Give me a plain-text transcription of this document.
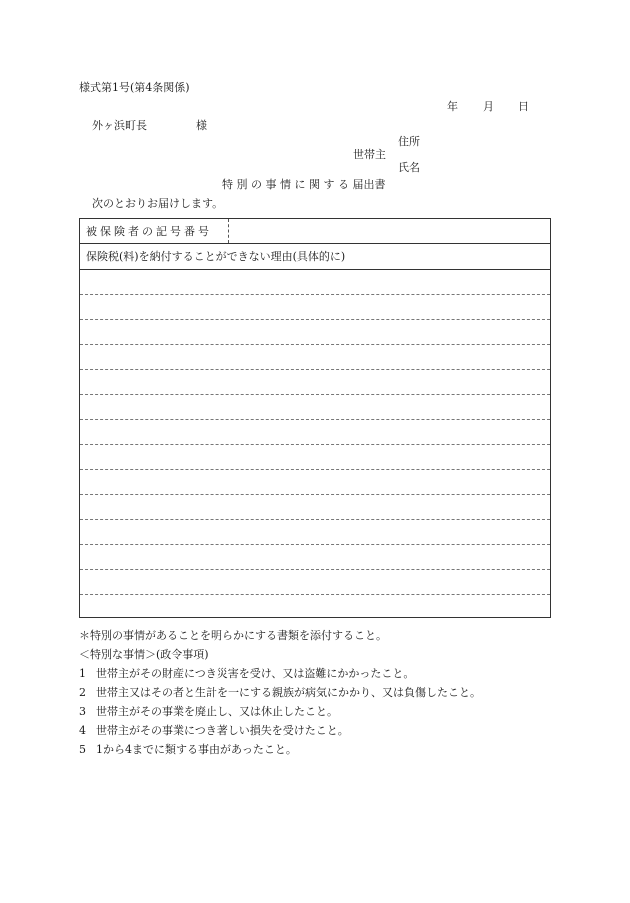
様式第1号(第4条関係)
年 月 日
外ヶ浜町長	様
住所
世帯主
氏名
特 別 の 事 情 に 関 す る 届出書
次のとおりお届けします。
被保険者の記号番号
保険税(料)を納付することができない理由(具体的に)
＊特別の事情があることを明らかにする書類を添付すること。
＜特別な事情＞(政令事項)
1 世帯主がその財産につき災害を受け、又は盗難にかかったこと。
2 世帯主又はその者と生計を一にする親族が病気にかかり、又は負傷したこと。
3 世帯主がその事業を廃止し、又は休止したこと。
4 世帯主がその事業につき著しい損失を受けたこと。
5 1から4までに類する事由があったこと。
